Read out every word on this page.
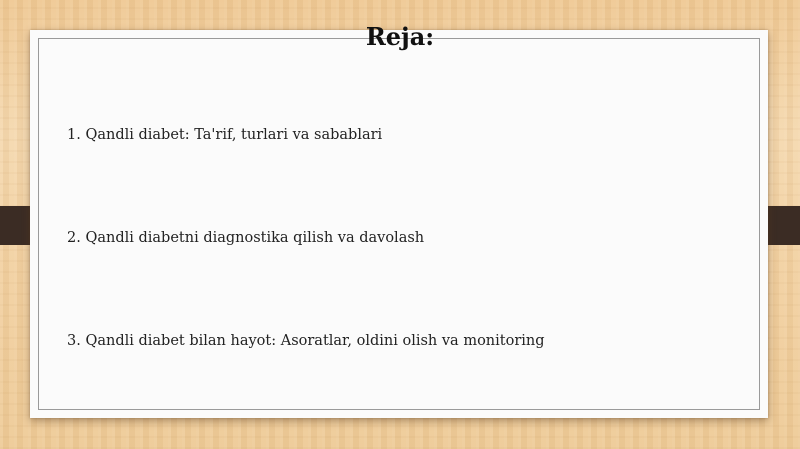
Reja:
1. Qandli diabet: Ta'rif, turlari va sabablari
2. Qandli diabetni diagnostika qilish va davolash
3. Qandli diabet bilan hayot: Asoratlar, oldini olish va monitoring
